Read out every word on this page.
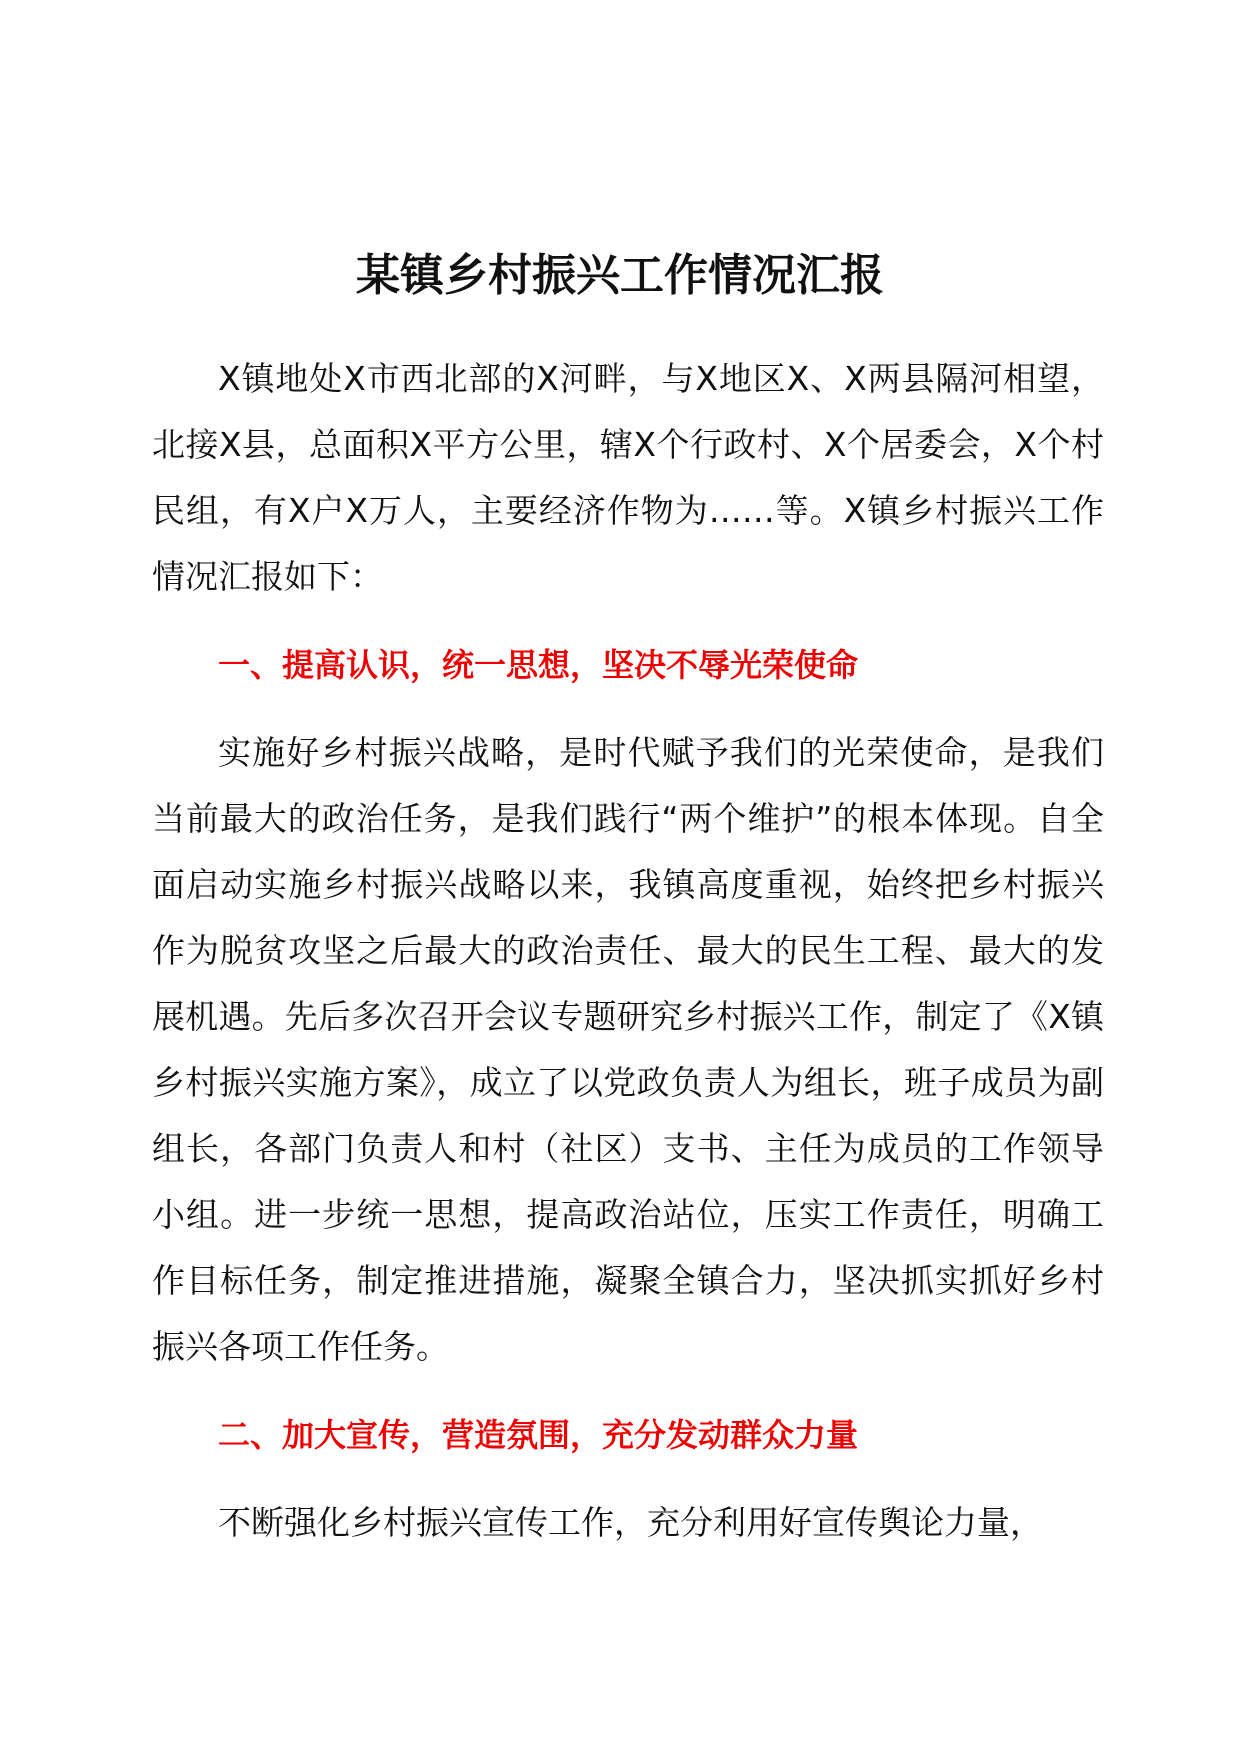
某镇乡村振兴工作情况汇报

X镇地处X市西北部的X河畔，与X地区X、X两县隔河相望，北接X县，总面积X平方公里，辖X个行政村、X个居委会，X个村民组，有X户X万人，主要经济作物为……等。X镇乡村振兴工作情况汇报如下：

一、提高认识，统一思想，坚决不辱光荣使命

实施好乡村振兴战略，是时代赋予我们的光荣使命，是我们当前最大的政治任务，是我们践行“两个维护”的根本体现。自全面启动实施乡村振兴战略以来，我镇高度重视，始终把乡村振兴作为脱贫攻坚之后最大的政治责任、最大的民生工程、最大的发展机遇。先后多次召开会议专题研究乡村振兴工作，制定了《X镇乡村振兴实施方案》，成立了以党政负责人为组长，班子成员为副组长，各部门负责人和村（社区）支书、主任为成员的工作领导小组。进一步统一思想，提高政治站位，压实工作责任，明确工作目标任务，制定推进措施，凝聚全镇合力，坚决抓实抓好乡村振兴各项工作任务。

二、加大宣传，营造氛围，充分发动群众力量

不断强化乡村振兴宣传工作，充分利用好宣传舆论力量，
